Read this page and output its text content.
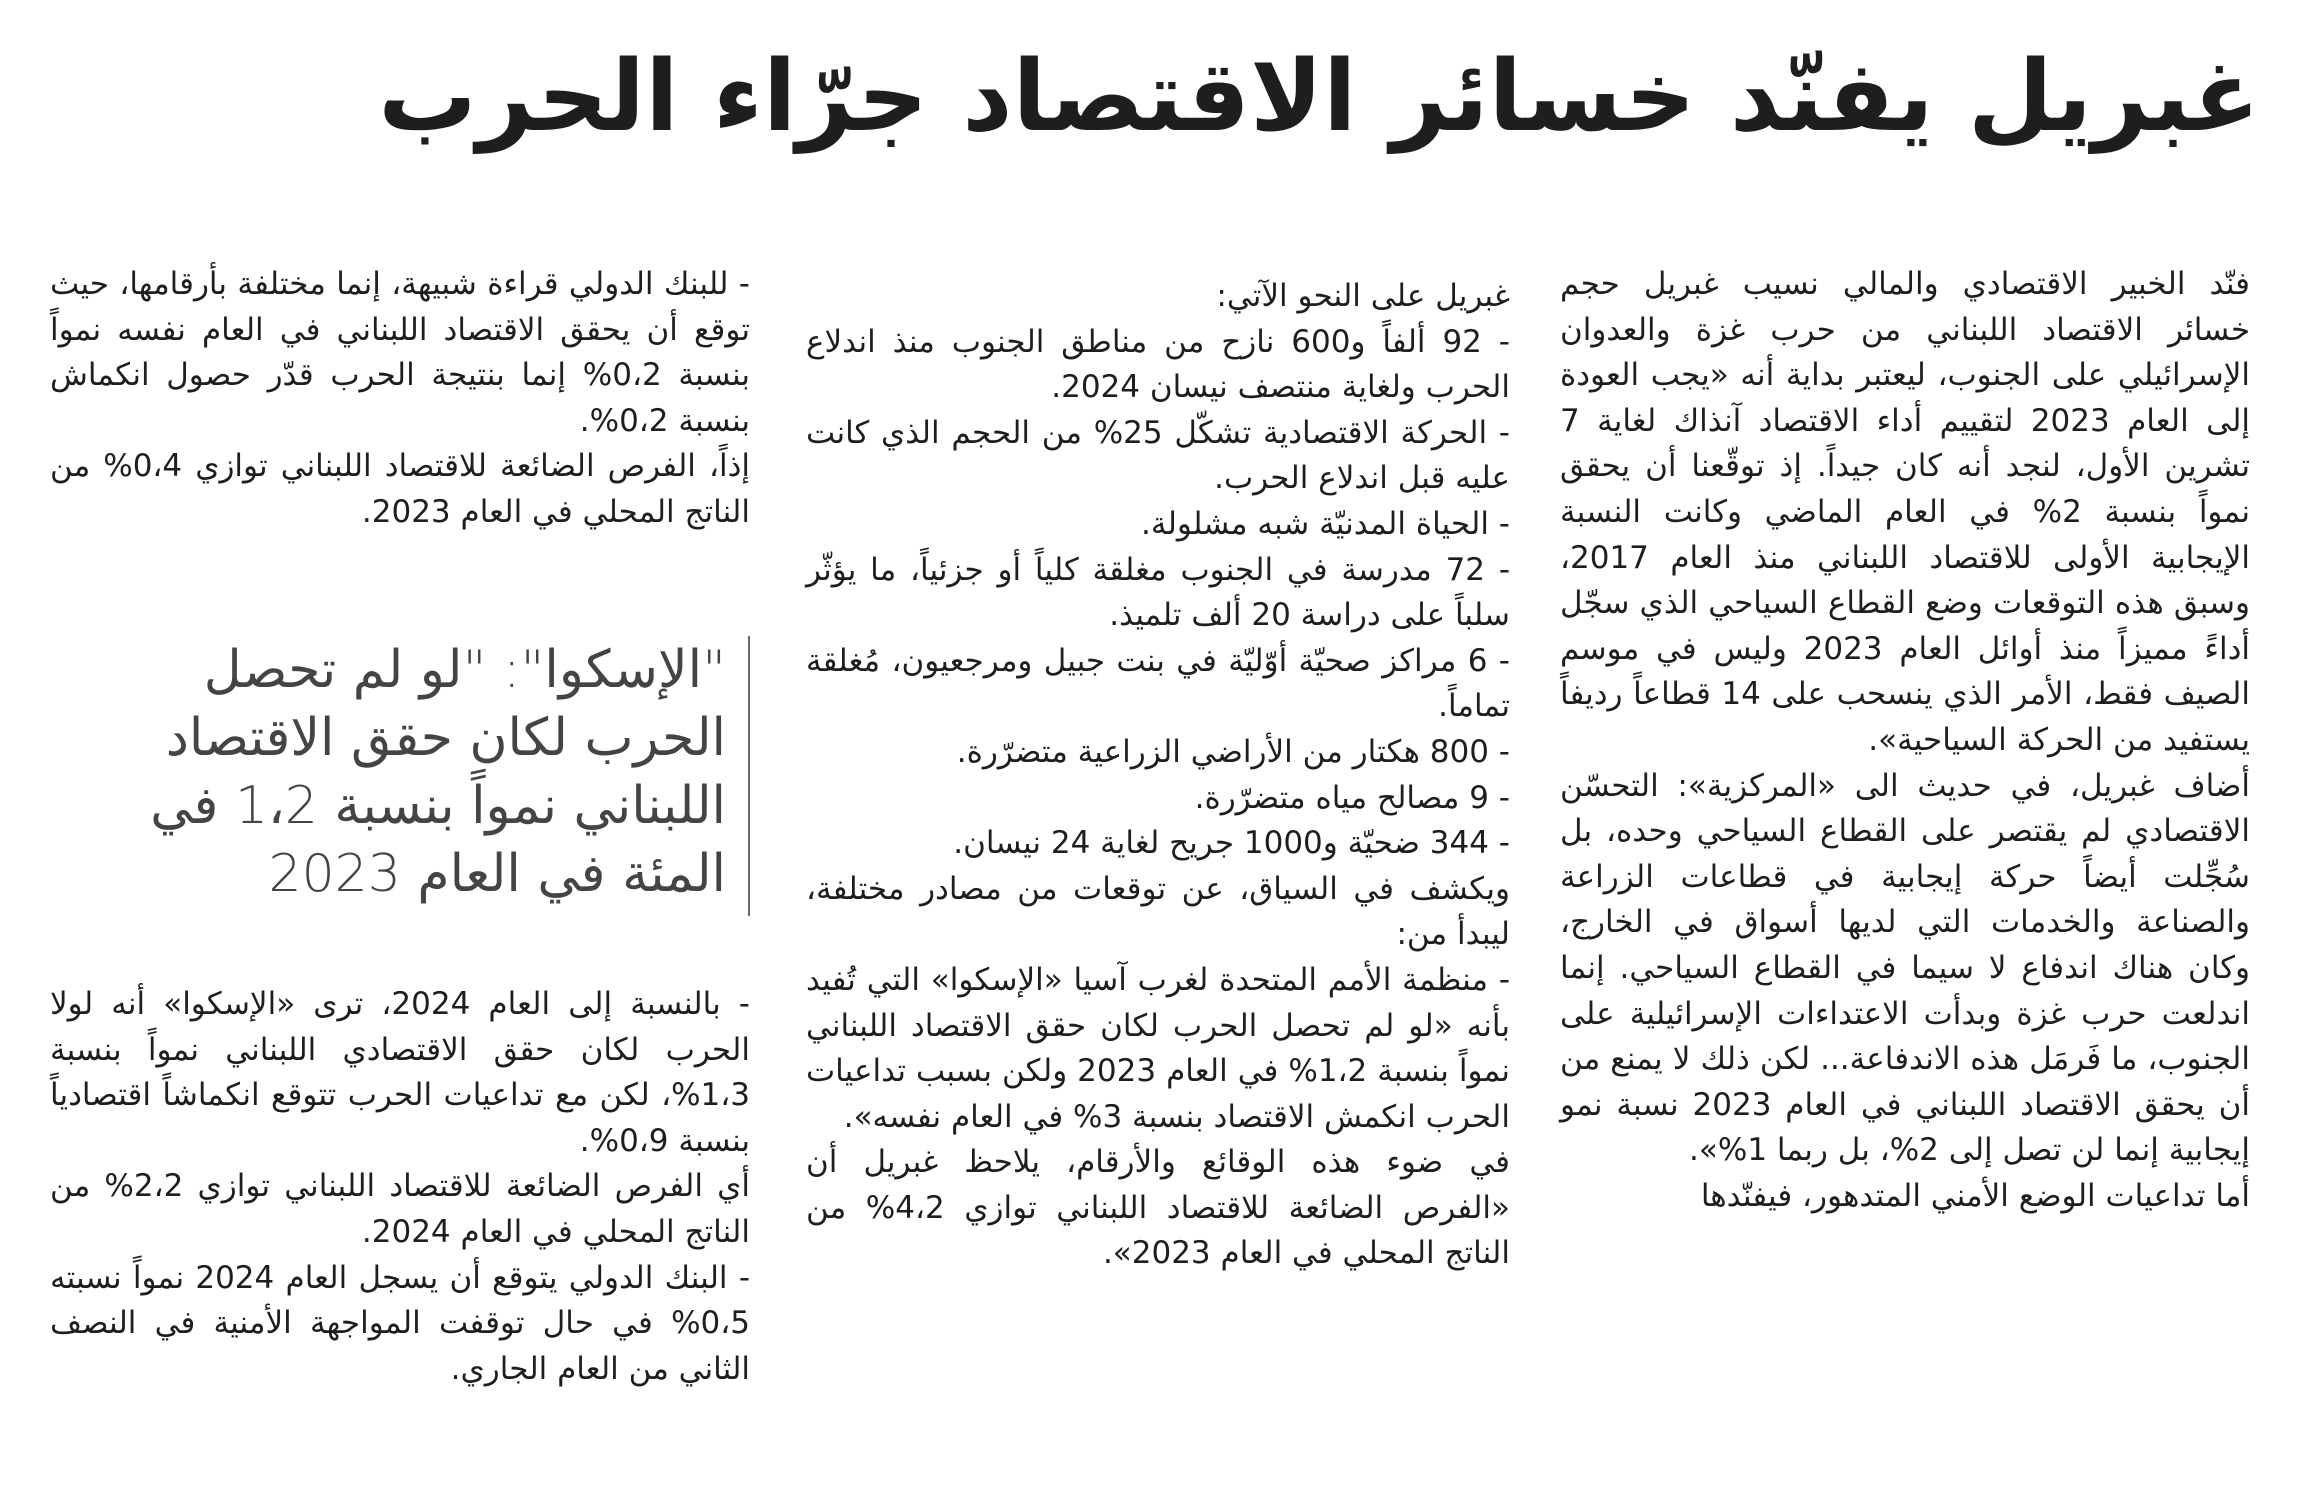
غبريل يفنّد خسائر الاقتصاد جرّاء الحرب

فنّد الخبير الاقتصادي والمالي نسيب غبريل حجم خسائر الاقتصاد اللبناني من حرب غزة والعدوان الإسرائيلي على الجنوب، ليعتبر بداية أنه «يجب العودة إلى العام 2023 لتقييم أداء الاقتصاد آنذاك لغاية 7 تشرين الأول، لنجد أنه كان جيداً. إذ توقّعنا أن يحقق نمواً بنسبة 2% في العام الماضي وكانت النسبة الإيجابية الأولى للاقتصاد اللبناني منذ العام 2017، وسبق هذه التوقعات وضع القطاع السياحي الذي سجّل أداءً مميزاً منذ أوائل العام 2023 وليس في موسم الصيف فقط، الأمر الذي ينسحب على 14 قطاعاً رديفاً يستفيد من الحركة السياحية».

أضاف غبريل، في حديث الى «المركزية»: التحسّن الاقتصادي لم يقتصر على القطاع السياحي وحده، بل سُجِّلت أيضاً حركة إيجابية في قطاعات الزراعة والصناعة والخدمات التي لديها أسواق في الخارج، وكان هناك اندفاع لا سيما في القطاع السياحي. إنما اندلعت حرب غزة وبدأت الاعتداءات الإسرائيلية على الجنوب، ما فَرمَل هذه الاندفاعة... لكن ذلك لا يمنع من أن يحقق الاقتصاد اللبناني في العام 2023 نسبة نمو إيجابية إنما لن تصل إلى 2%، بل ربما 1%».

أما تداعيات الوضع الأمني المتدهور، فيفنّدها

غبريل على النحو الآتي:

- 92 ألفاً و600 نازح من مناطق الجنوب منذ اندلاع الحرب ولغاية منتصف نيسان 2024.

- الحركة الاقتصادية تشكّل 25% من الحجم الذي كانت عليه قبل اندلاع الحرب.

- الحياة المدنيّة شبه مشلولة.

- 72 مدرسة في الجنوب مغلقة كلياً أو جزئياً، ما يؤثّر سلباً على دراسة 20 ألف تلميذ.

- 6 مراكز صحيّة أوّليّة في بنت جبيل ومرجعيون، مُغلقة تماماً.

- 800 هكتار من الأراضي الزراعية متضرّرة.

- 9 مصالح مياه متضرّرة.

- 344 ضحيّة و1000 جريح لغاية 24 نيسان.

ويكشف في السياق، عن توقعات من مصادر مختلفة، ليبدأ من:

- منظمة الأمم المتحدة لغرب آسيا «الإسكوا» التي تُفيد بأنه «لو لم تحصل الحرب لكان حقق الاقتصاد اللبناني نمواً بنسبة 1،2% في العام 2023 ولكن بسبب تداعيات الحرب انكمش الاقتصاد بنسبة 3% في العام نفسه».

في ضوء هذه الوقائع والأرقام، يلاحظ غبريل أن «الفرص الضائعة للاقتصاد اللبناني توازي 4،2% من الناتج المحلي في العام 2023».

- للبنك الدولي قراءة شبيهة، إنما مختلفة بأرقامها، حيث توقع أن يحقق الاقتصاد اللبناني في العام نفسه نمواً بنسبة 0،2% إنما بنتيجة الحرب قدّر حصول انكماش بنسبة 0،2%.

إذاً، الفرص الضائعة للاقتصاد اللبناني توازي 0،4% من الناتج المحلي في العام 2023.

"الإسكوا": "لو لم تحصل الحرب لكان حقق الاقتصاد اللبناني نمواً بنسبة 1،2 في المئة في العام 2023

- بالنسبة إلى العام 2024، ترى «الإسكوا» أنه لولا الحرب لكان حقق الاقتصادي اللبناني نمواً بنسبة 1،3%، لكن مع تداعيات الحرب تتوقع انكماشاً اقتصادياً بنسبة 0،9%.

أي الفرص الضائعة للاقتصاد اللبناني توازي 2،2% من الناتج المحلي في العام 2024.

- البنك الدولي يتوقع أن يسجل العام 2024 نمواً نسبته 0،5% في حال توقفت المواجهة الأمنية في النصف الثاني من العام الجاري.
